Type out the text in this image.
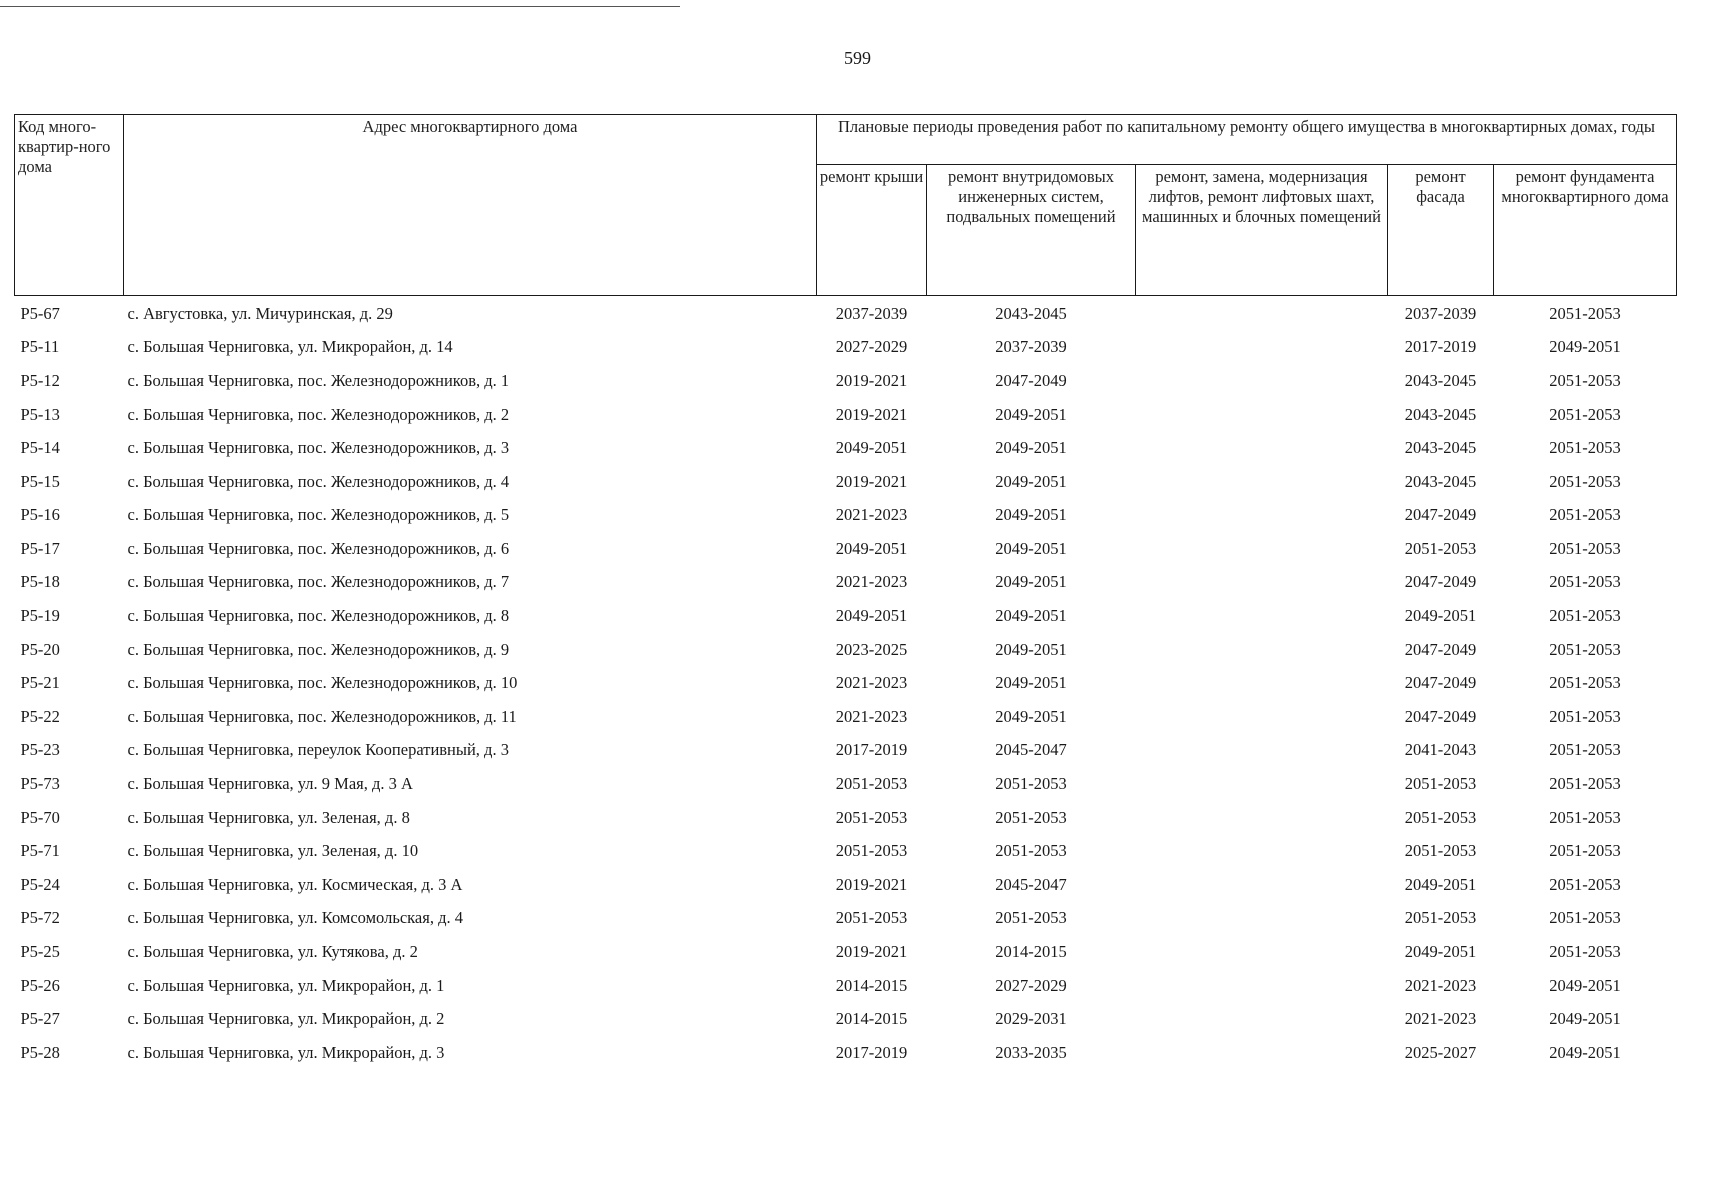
599
Код много-квартир-ного дома	Адрес многоквартирного дома	Плановые периоды проведения работ по капитальному ремонту общего имущества в многоквартирных домах, годы				
		ремонт крыши	ремонт внутридомовых инженерных систем, подвальных помещений	ремонт, замена, модернизация лифтов, ремонт лифтовых шахт, машинных и блочных помещений	ремонт фасада	ремонт фундамента многоквартирного дома
Р5-67	с. Августовка, ул. Мичуринская, д. 29	2037-2039	2043-2045		2037-2039	2051-2053
Р5-11	с. Большая Черниговка, ул. Микрорайон, д. 14	2027-2029	2037-2039		2017-2019	2049-2051
Р5-12	с. Большая Черниговка, пос. Железнодорожников, д. 1	2019-2021	2047-2049		2043-2045	2051-2053
Р5-13	с. Большая Черниговка, пос. Железнодорожников, д. 2	2019-2021	2049-2051		2043-2045	2051-2053
Р5-14	с. Большая Черниговка, пос. Железнодорожников, д. 3	2049-2051	2049-2051		2043-2045	2051-2053
Р5-15	с. Большая Черниговка, пос. Железнодорожников, д. 4	2019-2021	2049-2051		2043-2045	2051-2053
Р5-16	с. Большая Черниговка, пос. Железнодорожников, д. 5	2021-2023	2049-2051		2047-2049	2051-2053
Р5-17	с. Большая Черниговка, пос. Железнодорожников, д. 6	2049-2051	2049-2051		2051-2053	2051-2053
Р5-18	с. Большая Черниговка, пос. Железнодорожников, д. 7	2021-2023	2049-2051		2047-2049	2051-2053
Р5-19	с. Большая Черниговка, пос. Железнодорожников, д. 8	2049-2051	2049-2051		2049-2051	2051-2053
Р5-20	с. Большая Черниговка, пос. Железнодорожников, д. 9	2023-2025	2049-2051		2047-2049	2051-2053
Р5-21	с. Большая Черниговка, пос. Железнодорожников, д. 10	2021-2023	2049-2051		2047-2049	2051-2053
Р5-22	с. Большая Черниговка, пос. Железнодорожников, д. 11	2021-2023	2049-2051		2047-2049	2051-2053
Р5-23	с. Большая Черниговка, переулок Кооперативный, д. 3	2017-2019	2045-2047		2041-2043	2051-2053
Р5-73	с. Большая Черниговка, ул. 9 Мая, д. 3 А	2051-2053	2051-2053		2051-2053	2051-2053
Р5-70	с. Большая Черниговка, ул. Зеленая, д. 8	2051-2053	2051-2053		2051-2053	2051-2053
Р5-71	с. Большая Черниговка, ул. Зеленая, д. 10	2051-2053	2051-2053		2051-2053	2051-2053
Р5-24	с. Большая Черниговка, ул. Космическая, д. 3 А	2019-2021	2045-2047		2049-2051	2051-2053
Р5-72	с. Большая Черниговка, ул. Комсомольская, д. 4	2051-2053	2051-2053		2051-2053	2051-2053
Р5-25	с. Большая Черниговка, ул. Кутякова, д. 2	2019-2021	2014-2015		2049-2051	2051-2053
Р5-26	с. Большая Черниговка, ул. Микрорайон, д. 1	2014-2015	2027-2029		2021-2023	2049-2051
Р5-27	с. Большая Черниговка, ул. Микрорайон, д. 2	2014-2015	2029-2031		2021-2023	2049-2051
Р5-28	с. Большая Черниговка, ул. Микрорайон, д. 3	2017-2019	2033-2035		2025-2027	2049-2051
